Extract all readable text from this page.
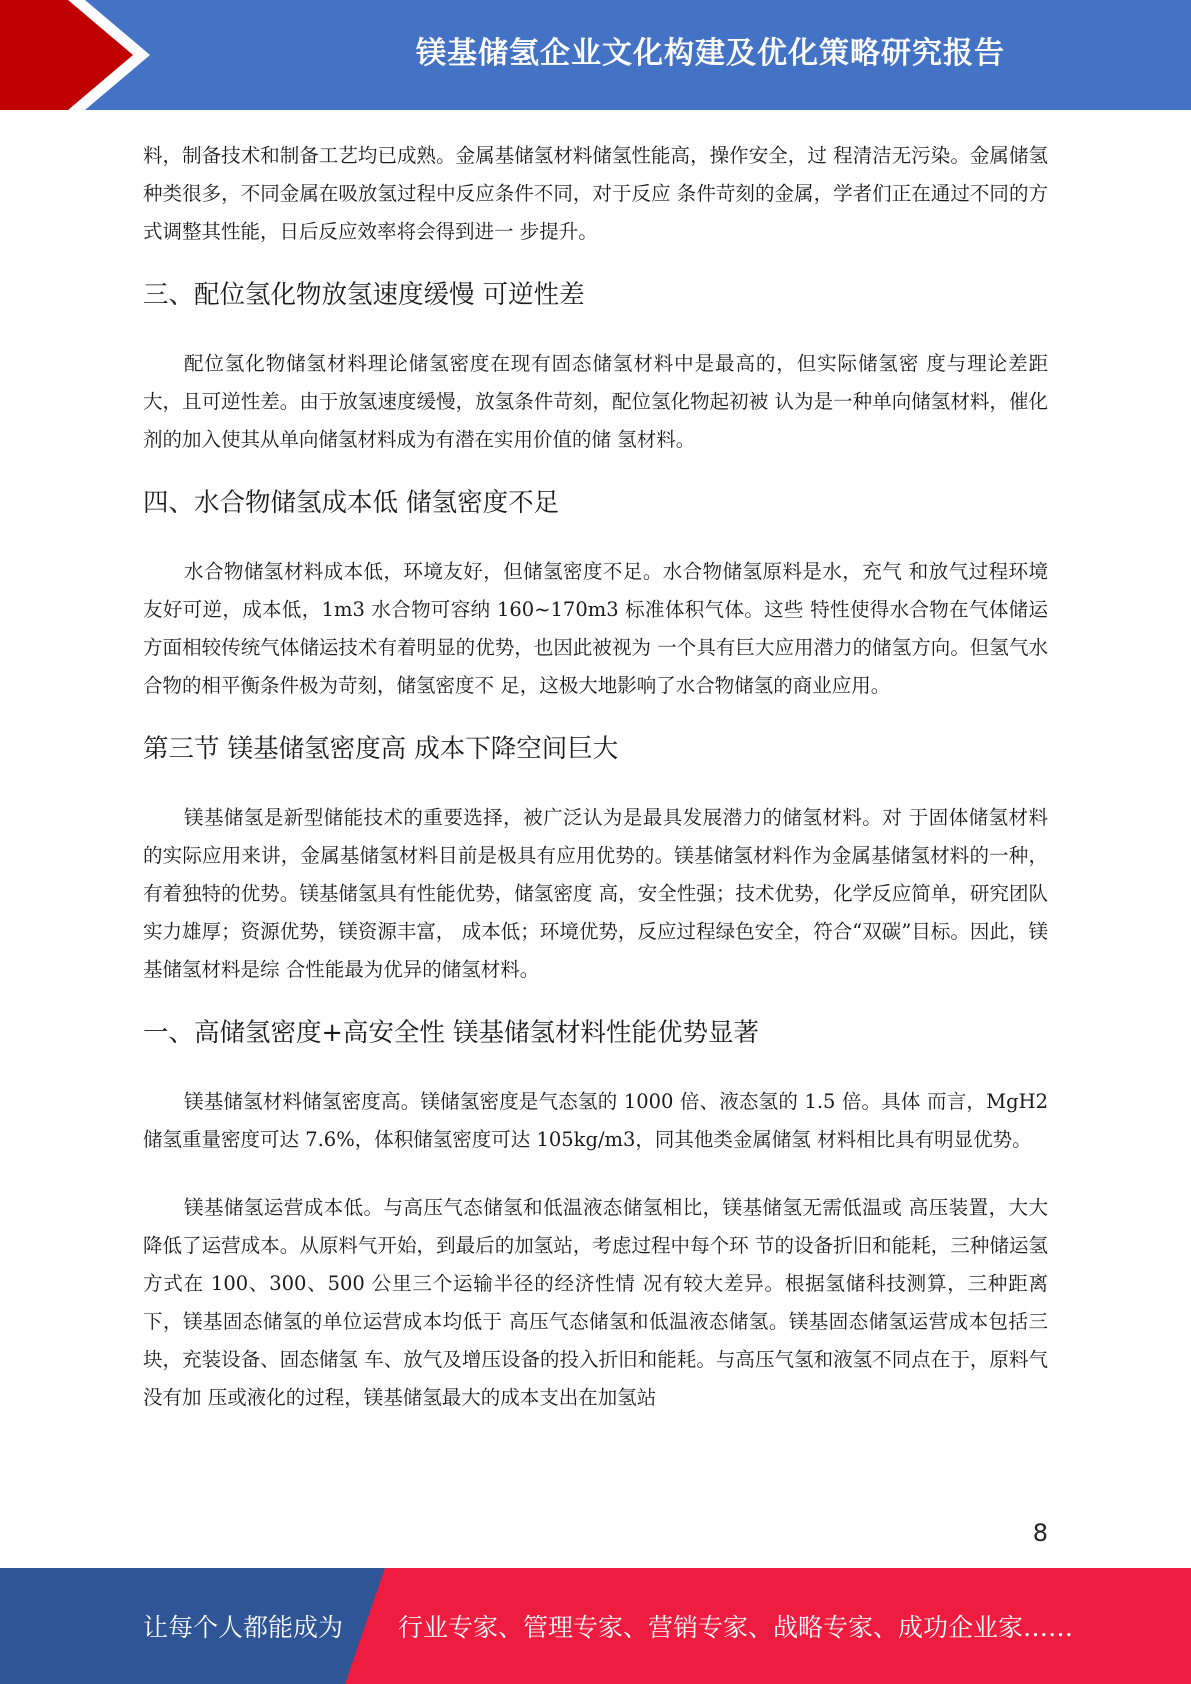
镁基储氢企业文化构建及优化策略研究报告

料，制备技术和制备工艺均已成熟。金属基储氢材料储氢性能高，操作安全，过 程清洁无污染。金属储氢种类很多，不同金属在吸放氢过程中反应条件不同，对于反应 条件苛刻的金属，学者们正在通过不同的方式调整其性能，日后反应效率将会得到进一 步提升。

三、配位氢化物放氢速度缓慢 可逆性差

配位氢化物储氢材料理论储氢密度在现有固态储氢材料中是最高的，但实际储氢密 度与理论差距大，且可逆性差。由于放氢速度缓慢，放氢条件苛刻，配位氢化物起初被 认为是一种单向储氢材料，催化剂的加入使其从单向储氢材料成为有潜在实用价值的储 氢材料。

四、水合物储氢成本低 储氢密度不足

水合物储氢材料成本低，环境友好，但储氢密度不足。水合物储氢原料是水，充气 和放气过程环境友好可逆，成本低，1m3 水合物可容纳 160~170m3 标准体积气体。这些 特性使得水合物在气体储运方面相较传统气体储运技术有着明显的优势，也因此被视为 一个具有巨大应用潜力的储氢方向。但氢气水合物的相平衡条件极为苛刻，储氢密度不 足，这极大地影响了水合物储氢的商业应用。

第三节 镁基储氢密度高 成本下降空间巨大

镁基储氢是新型储能技术的重要选择，被广泛认为是最具发展潜力的储氢材料。对 于固体储氢材料的实际应用来讲，金属基储氢材料目前是极具有应用优势的。镁基储氢材料作为金属基储氢材料的一种，有着独特的优势。镁基储氢具有性能优势，储氢密度 高，安全性强；技术优势，化学反应简单，研究团队实力雄厚；资源优势，镁资源丰富， 成本低；环境优势，反应过程绿色安全，符合“双碳”目标。因此，镁基储氢材料是综 合性能最为优异的储氢材料。

一、高储氢密度+高安全性 镁基储氢材料性能优势显著

镁基储氢材料储氢密度高。镁储氢密度是气态氢的 1000 倍、液态氢的 1.5 倍。具体 而言，MgH2 储氢重量密度可达 7.6%，体积储氢密度可达 105kg/m3，同其他类金属储氢 材料相比具有明显优势。

镁基储氢运营成本低。与高压气态储氢和低温液态储氢相比，镁基储氢无需低温或 高压装置，大大降低了运营成本。从原料气开始，到最后的加氢站，考虑过程中每个环 节的设备折旧和能耗，三种储运氢方式在 100、300、500 公里三个运输半径的经济性情 况有较大差异。根据氢储科技测算，三种距离下，镁基固态储氢的单位运营成本均低于 高压气态储氢和低温液态储氢。镁基固态储氢运营成本包括三块，充装设备、固态储氢 车、放气及增压设备的投入折旧和能耗。与高压气氢和液氢不同点在于，原料气没有加 压或液化的过程，镁基储氢最大的成本支出在加氢站

8
让每个人都能成为 行业专家、管理专家、营销专家、战略专家、成功企业家……
